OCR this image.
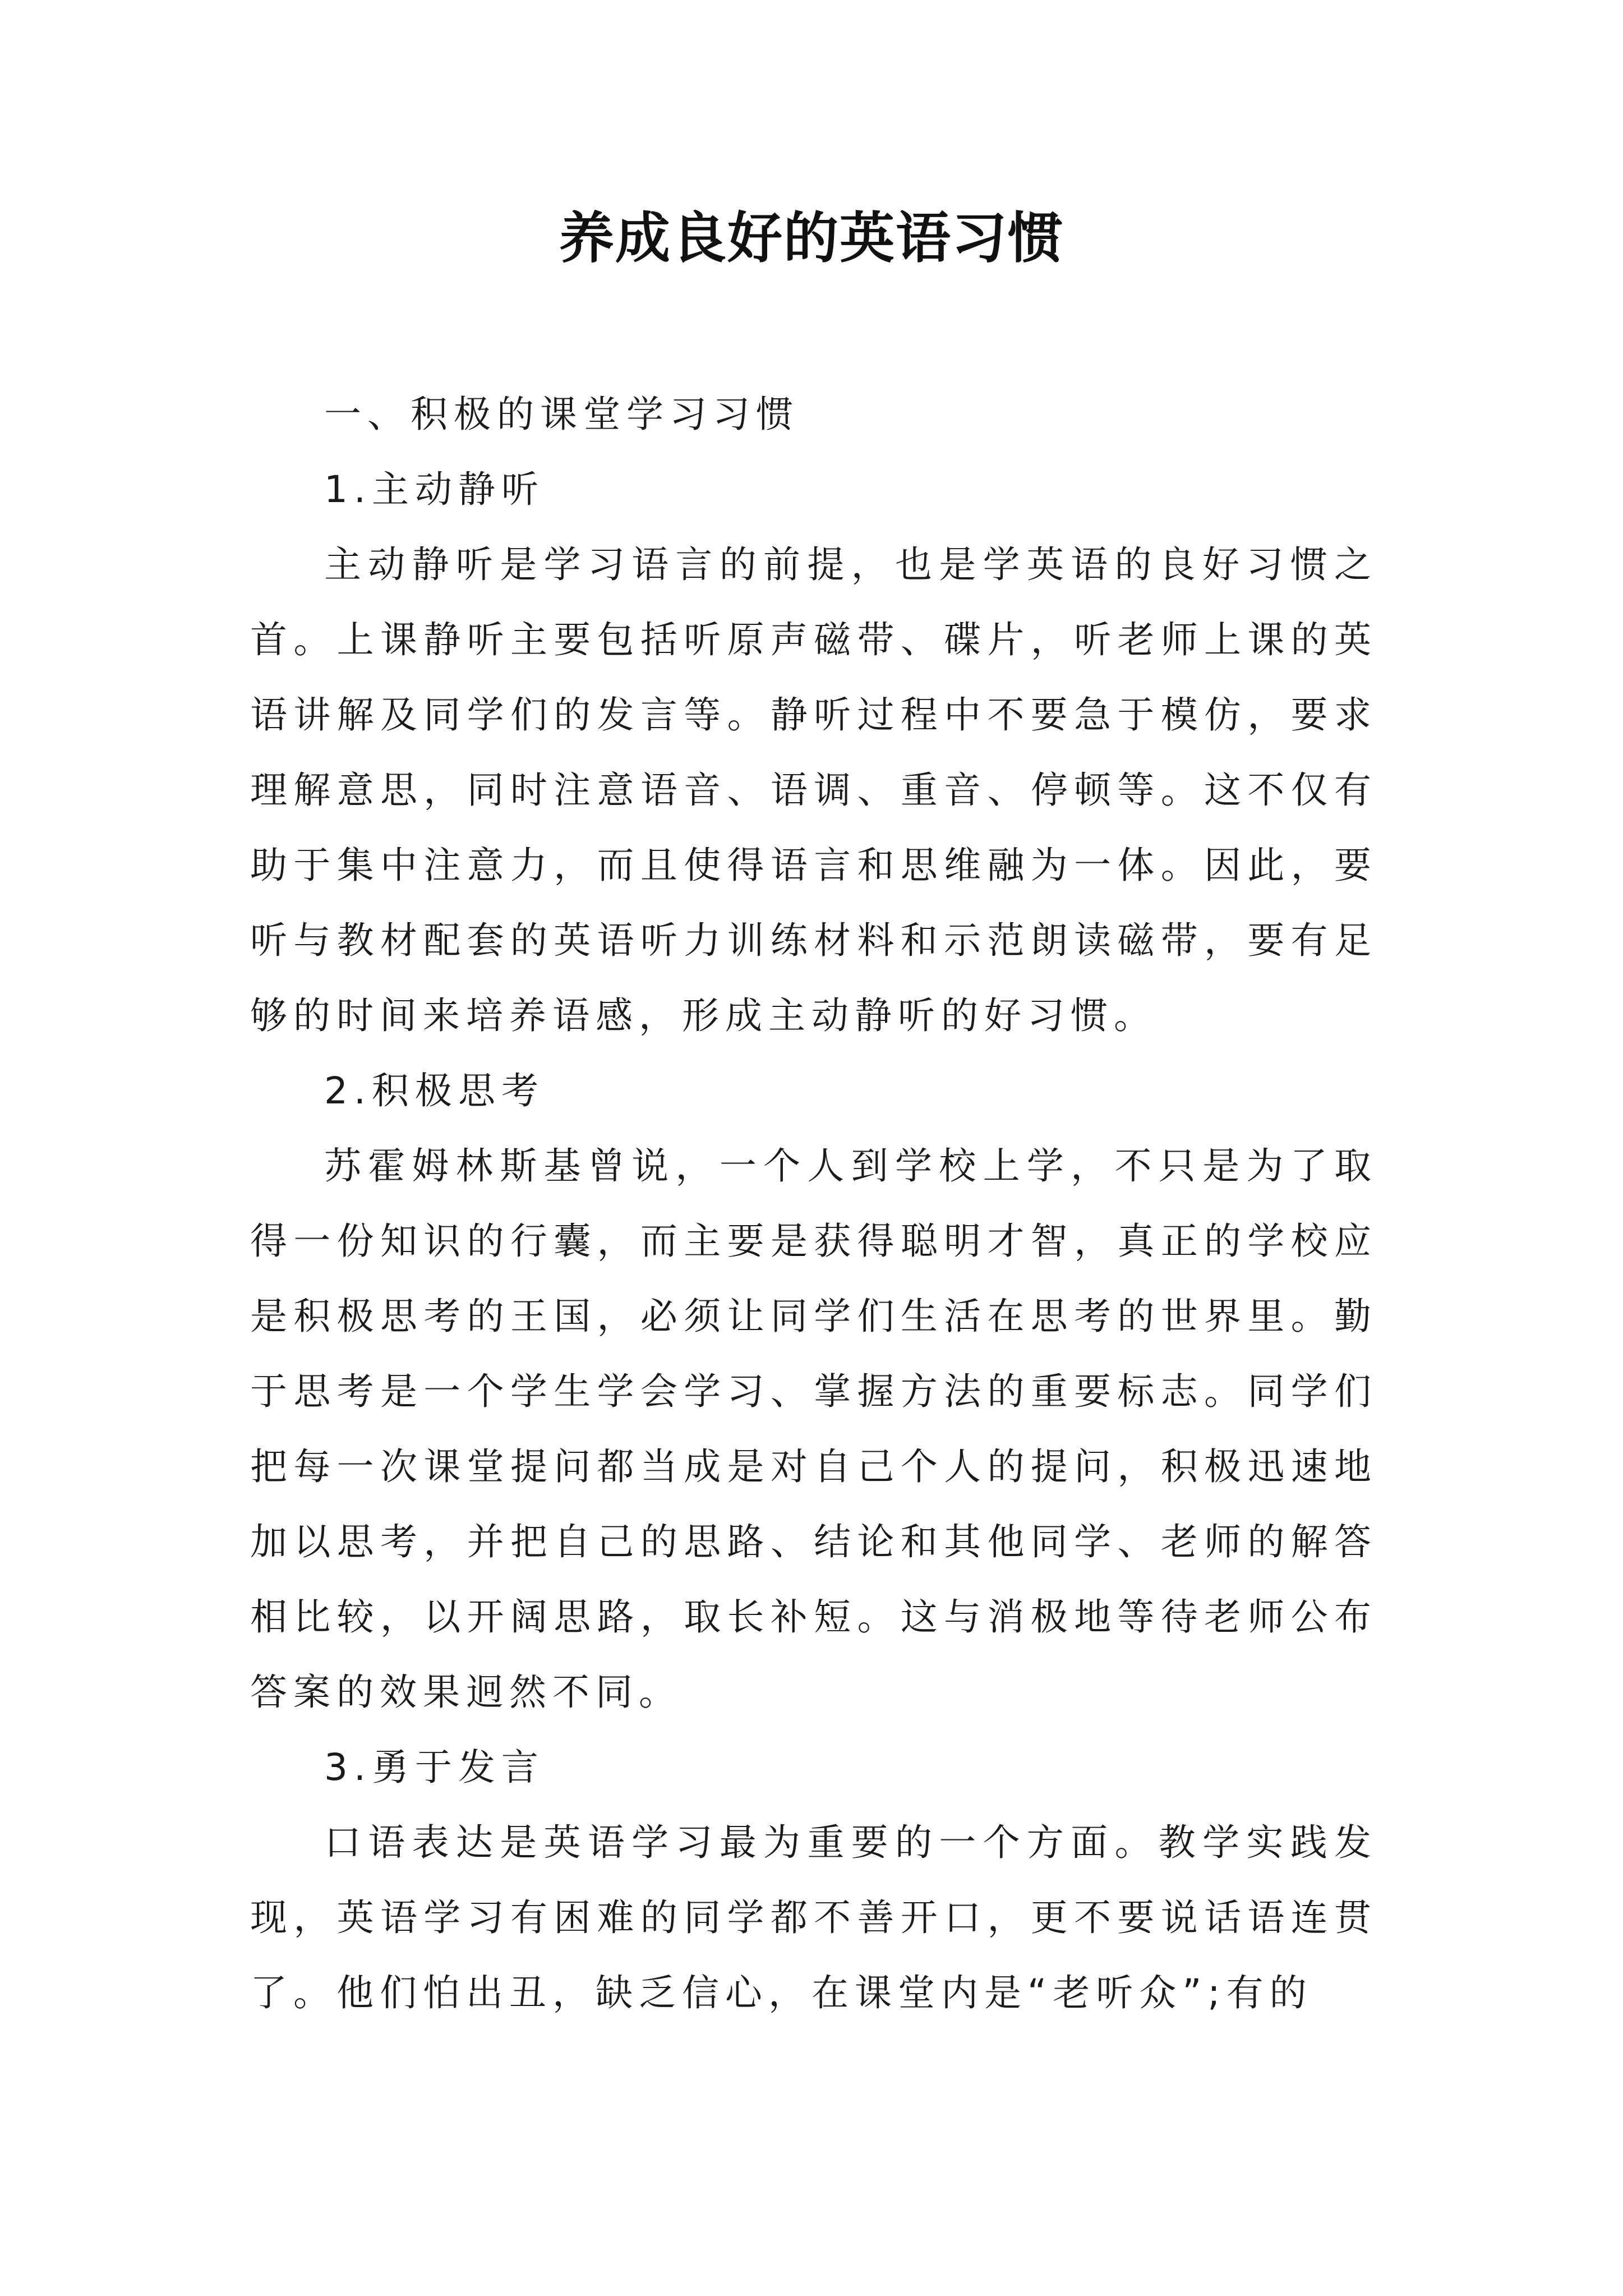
养成良好的英语习惯

一、积极的课堂学习习惯

1.主动静听

主动静听是学习语言的前提，也是学英语的良好习惯之首。上课静听主要包括听原声磁带、碟片，听老师上课的英语讲解及同学们的发言等。静听过程中不要急于模仿，要求理解意思，同时注意语音、语调、重音、停顿等。这不仅有助于集中注意力，而且使得语言和思维融为一体。因此，要听与教材配套的英语听力训练材料和示范朗读磁带，要有足够的时间来培养语感，形成主动静听的好习惯。

2.积极思考

苏霍姆林斯基曾说，一个人到学校上学，不只是为了取得一份知识的行囊，而主要是获得聪明才智，真正的学校应是积极思考的王国，必须让同学们生活在思考的世界里。勤于思考是一个学生学会学习、掌握方法的重要标志。同学们把每一次课堂提问都当成是对自己个人的提问，积极迅速地加以思考，并把自己的思路、结论和其他同学、老师的解答相比较，以开阔思路，取长补短。这与消极地等待老师公布答案的效果迥然不同。

3.勇于发言

口语表达是英语学习最为重要的一个方面。教学实践发现，英语学习有困难的同学都不善开口，更不要说话语连贯了。他们怕出丑，缺乏信心，在课堂内是“老听众”;有的
